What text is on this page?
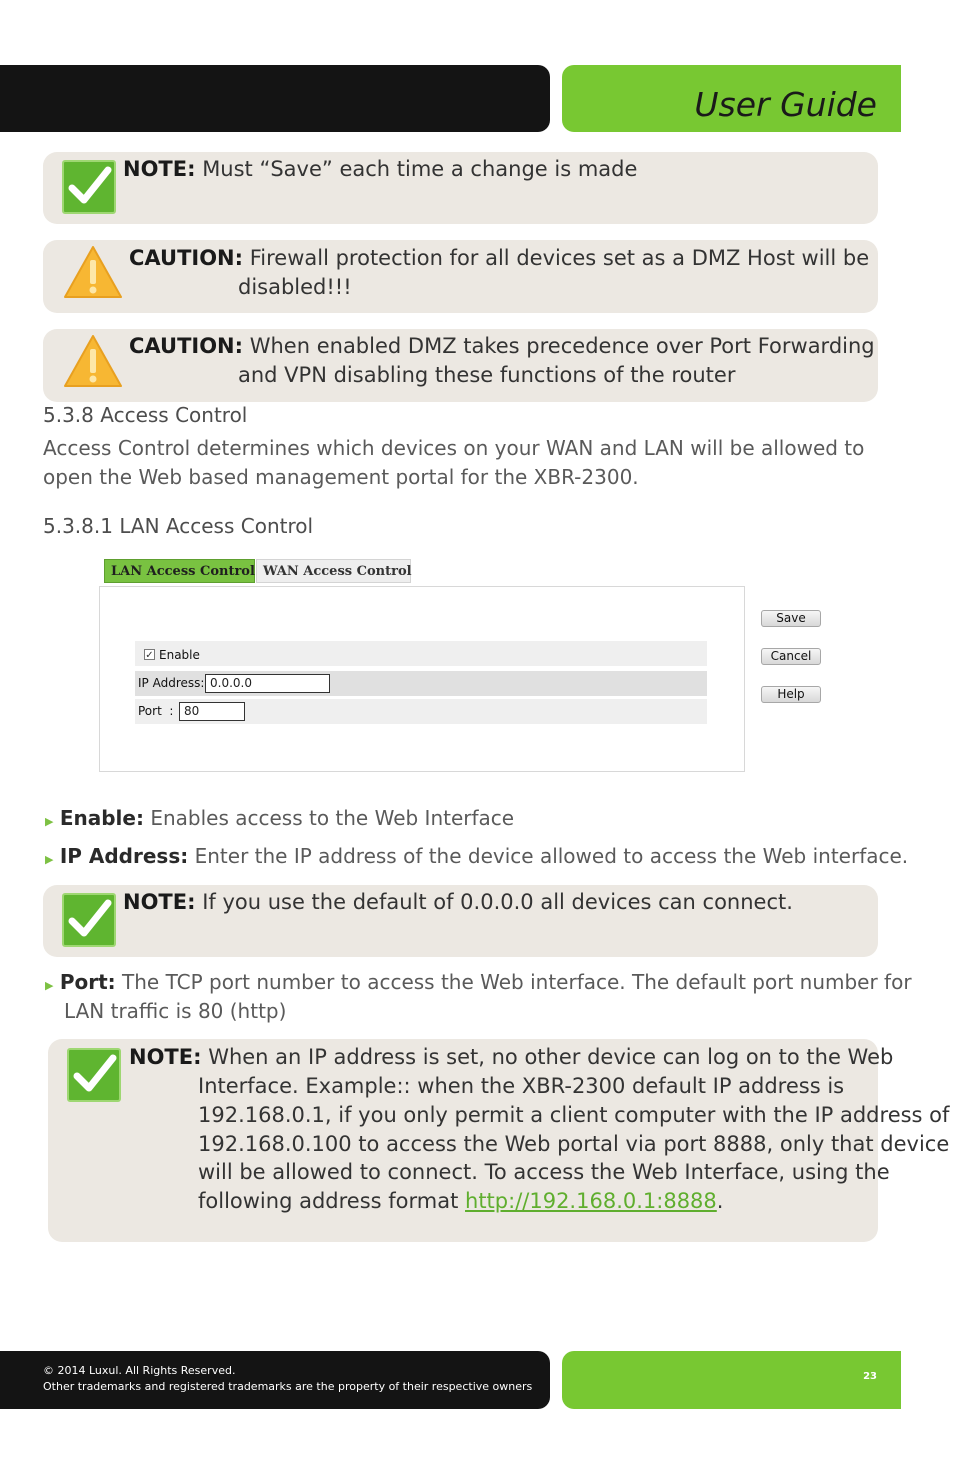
User Guide
NOTE: Must “Save” each time a change is made
CAUTION: Firewall protection for all devices set as a DMZ Host will be
disabled!!!
CAUTION: When enabled DMZ takes precedence over Port Forwarding
and VPN disabling these functions of the router
5.3.8 Access Control
Access Control determines which devices on your WAN and LAN will be allowed to
open the Web based management portal for the XBR-2300.
5.3.8.1 LAN Access Control
LAN Access Control WAN Access Control
✓ Enable
IP Address: 0.0.0.0
Port  : 80
Save
Cancel
Help
▶ Enable: Enables access to the Web Interface
▶ IP Address: Enter the IP address of the device allowed to access the Web interface.
NOTE: If you use the default of 0.0.0.0 all devices can connect.
▶ Port: The TCP port number to access the Web interface. The default port number for
LAN traffic is 80 (http)
NOTE: When an IP address is set, no other device can log on to the Web
Interface. Example:: when the XBR-2300 default IP address is
192.168.0.1, if you only permit a client computer with the IP address of
192.168.0.100 to access the Web portal via port 8888, only that device
will be allowed to connect. To access the Web Interface, using the
following address format http://192.168.0.1:8888.
© 2014 Luxul. All Rights Reserved.
Other trademarks and registered trademarks are the property of their respective owners
23
